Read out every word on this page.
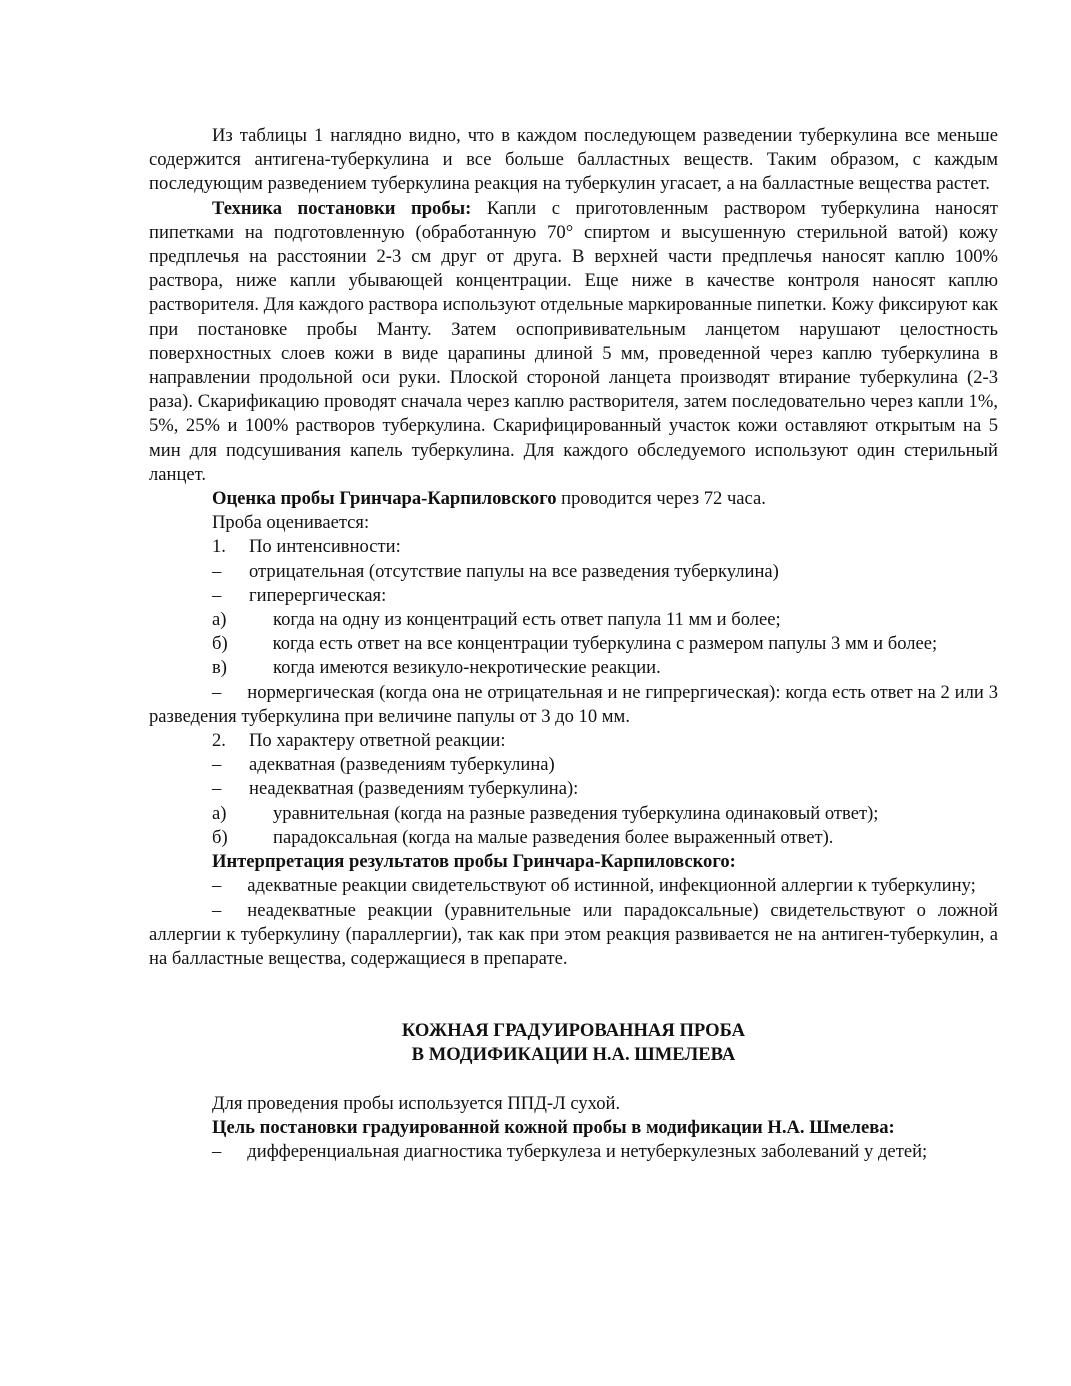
Из таблицы 1 наглядно видно, что в каждом последующем разведении туберкулина все меньше содержится антигена-туберкулина и все больше балластных веществ. Таким образом, с каждым последующим разведением туберкулина реакция на туберкулин угасает, а на балластные вещества растет.

Техника постановки пробы: Капли с приготовленным раствором туберкулина наносят пипетками на подготовленную (обработанную 70° спиртом и высушенную стерильной ватой) кожу предплечья на расстоянии 2-3 см друг от друга. В верхней части предплечья наносят каплю 100% раствора, ниже капли убывающей концентрации. Еще ниже в качестве контроля наносят каплю растворителя. Для каждого раствора используют отдельные маркированные пипетки. Кожу фиксируют как при постановке пробы Манту. Затем оспопрививательным ланцетом нарушают целостность поверхностных слоев кожи в виде царапины длиной 5 мм, проведенной через каплю туберкулина в направлении продольной оси руки. Плоской стороной ланцета производят втирание туберкулина (2-3 раза). Скарификацию проводят сначала через каплю растворителя, затем последовательно через капли 1%, 5%, 25% и 100% растворов туберкулина. Скарифицированный участок кожи оставляют открытым на 5 мин для подсушивания капель туберкулина. Для каждого обследуемого используют один стерильный ланцет.

Оценка пробы Гринчара-Карпиловского проводится через 72 часа.

Проба оценивается:

1. По интенсивности:

– отрицательная (отсутствие папулы на все разведения туберкулина)

– гиперергическая:

а)	когда на одну из концентраций есть ответ папула 11 мм и более;

б) когда есть ответ на все концентрации туберкулина с размером папулы 3 мм и более;

в) когда имеются везикуло-некротические реакции.

– нормергическая (когда она не отрицательная и не гипрергическая): когда есть ответ на 2 или 3 разведения туберкулина при величине папулы от 3 до 10 мм.

2. По характеру ответной реакции:

– адекватная (разведениям туберкулина)

– неадекватная (разведениям туберкулина):

а)	уравнительная (когда на разные разведения туберкулина одинаковый ответ);

б) парадоксальная (когда на малые разведения более выраженный ответ).

Интерпретация результатов пробы Гринчара-Карпиловского:

– адекватные реакции свидетельствуют об истинной, инфекционной аллергии к туберкулину;

– неадекватные реакции (уравнительные или парадоксальные) свидетельствуют о ложной аллергии к туберкулину (параллергии), так как при этом реакция развивается не на антиген-туберкулин, а на балластные вещества, содержащиеся в препарате.

КОЖНАЯ ГРАДУИРОВАННАЯ ПРОБА
В МОДИФИКАЦИИ Н.А. ШМЕЛЕВА

Для проведения пробы используется ППД-Л сухой.

Цель постановки градуированной кожной пробы в модификации Н.А. Шмелева:

– дифференциальная диагностика туберкулеза и нетуберкулезных заболеваний у детей;
